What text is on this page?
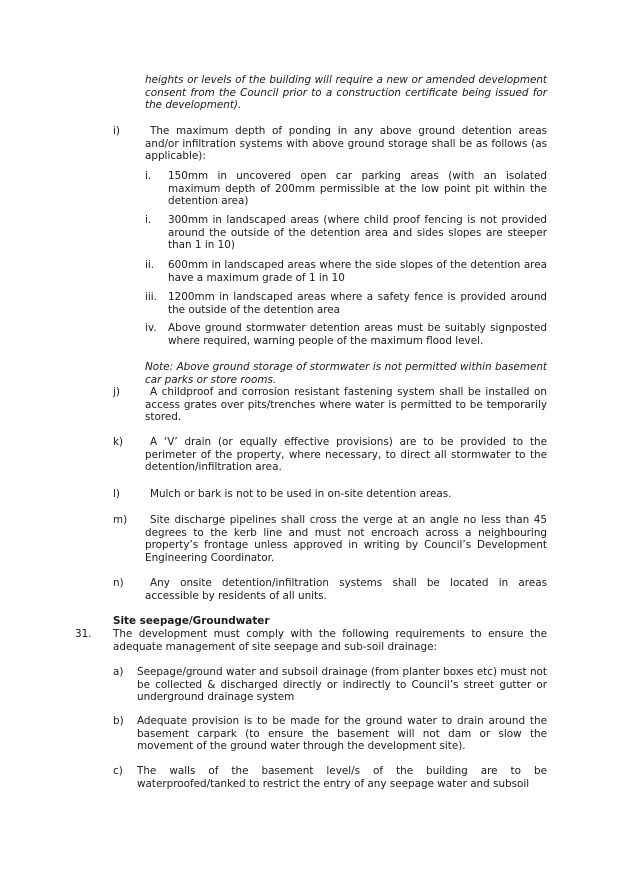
heights or levels of the building will require a new or amended development consent from the Council prior to a construction certificate being issued for the development).
i)	The maximum depth of ponding in any above ground detention areas and/or infiltration systems with above ground storage shall be as follows (as applicable):
i. 150mm in uncovered open car parking areas (with an isolated maximum depth of 200mm permissible at the low point pit within the detention area)
i. 300mm in landscaped areas (where child proof fencing is not provided around the outside of the detention area and sides slopes are steeper than 1 in 10)
ii. 600mm in landscaped areas where the side slopes of the detention area have a maximum grade of 1 in 10
iii. 1200mm in landscaped areas where a safety fence is provided around the outside of the detention area
iv. Above ground stormwater detention areas must be suitably signposted where required, warning people of the maximum flood level.
Note: Above ground storage of stormwater is not permitted within basement car parks or store rooms.
j)	A childproof and corrosion resistant fastening system shall be installed on access grates over pits/trenches where water is permitted to be temporarily stored.
k)	A ‘V’ drain (or equally effective provisions) are to be provided to the perimeter of the property, where necessary, to direct all stormwater to the detention/infiltration area.
l)	Mulch or bark is not to be used in on-site detention areas.
m)	Site discharge pipelines shall cross the verge at an angle no less than 45 degrees to the kerb line and must not encroach across a neighbouring property’s frontage unless approved in writing by Council’s Development Engineering Coordinator.
n)	Any onsite detention/infiltration systems shall be located in areas accessible by residents of all units.
Site seepage/Groundwater
31. The development must comply with the following requirements to ensure the adequate management of site seepage and sub-soil drainage:
a) Seepage/ground water and subsoil drainage (from planter boxes etc) must not be collected & discharged directly or indirectly to Council’s street gutter or underground drainage system
b) Adequate provision is to be made for the ground water to drain around the basement carpark (to ensure the basement will not dam or slow the movement of the ground water through the development site).
c) The walls of the basement level/s of the building are to be waterproofed/tanked to restrict the entry of any seepage water and subsoil
